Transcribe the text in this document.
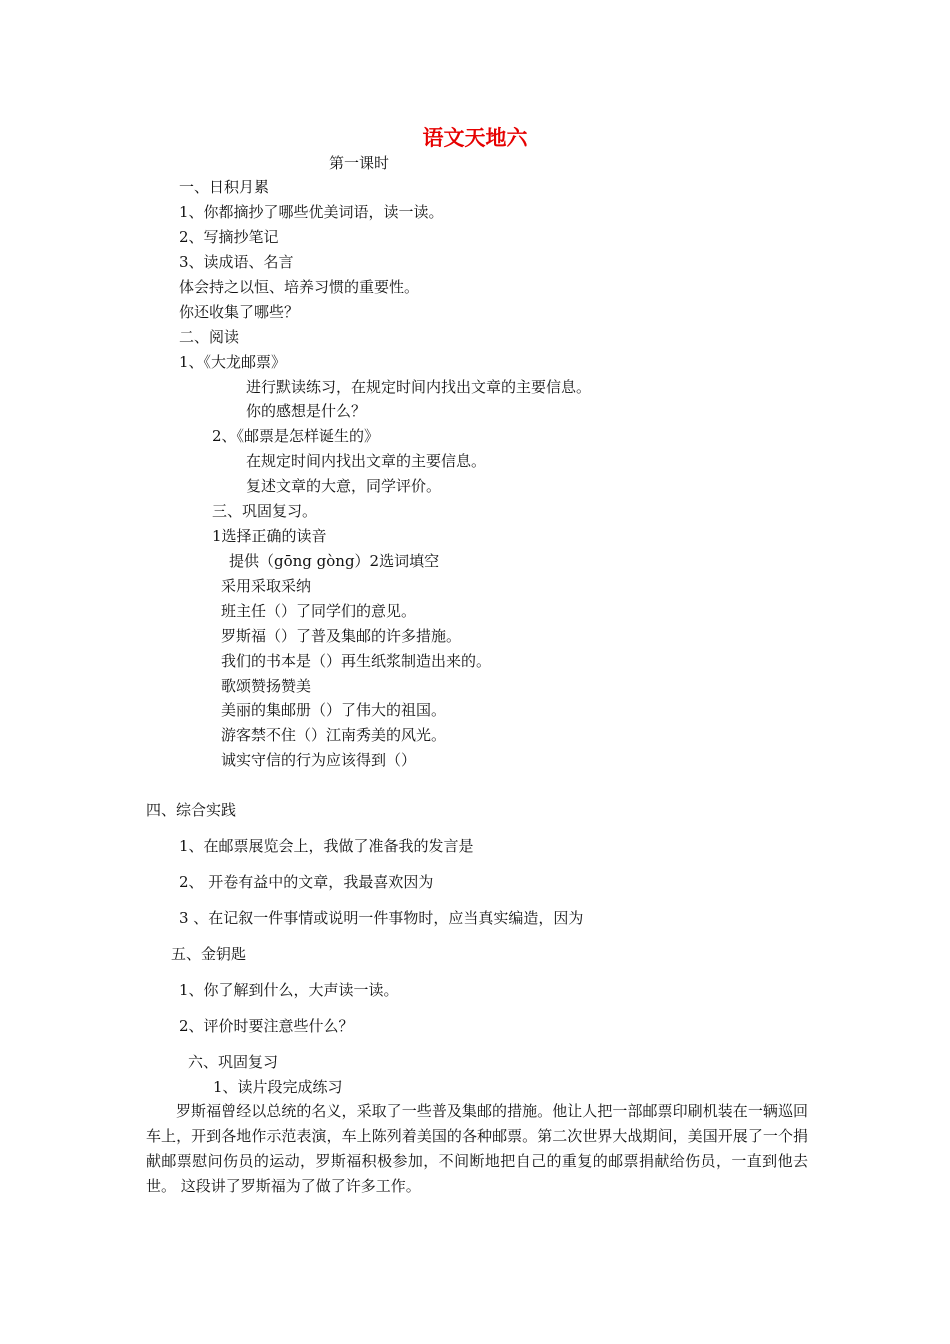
语文天地六
第一课时
一、日积月累
1、你都摘抄了哪些优美词语，读一读。
2、写摘抄笔记
3、读成语、名言
体会持之以恒、培养习惯的重要性。
你还收集了哪些？
二、阅读
1、《大龙邮票》
进行默读练习，在规定时间内找出文章的主要信息。
你的感想是什么？
2、《邮票是怎样诞生的》
在规定时间内找出文章的主要信息。
复述文章的大意，同学评价。
三、巩固复习。
1选择正确的读音
提供（gōng gòng）2选词填空
采用采取采纳
班主任（）了同学们的意见。
罗斯福（）了普及集邮的许多措施。
我们的书本是（）再生纸浆制造出来的。
歌颂赞扬赞美
美丽的集邮册（）了伟大的祖国。
游客禁不住（）江南秀美的风光。
诚实守信的行为应该得到（）
四、综合实践
1、在邮票展览会上，我做了准备我的发言是
2、 开卷有益中的文章，我最喜欢因为
3 、在记叙一件事情或说明一件事物时，应当真实编造，因为
五、金钥匙
1、你了解到什么，大声读一读。
2、评价时要注意些什么？
六、巩固复习
1、读片段完成练习
罗斯福曾经以总统的名义，采取了一些普及集邮的措施。他让人把一部邮票印刷机装在一辆巡回车上，开到各地作示范表演，车上陈列着美国的各种邮票。第二次世界大战期间，美国开展了一个捐献邮票慰问伤员的运动，罗斯福积极参加，不间断地把自己的重复的邮票捐献给伤员，一直到他去世。 这段讲了罗斯福为了做了许多工作。
